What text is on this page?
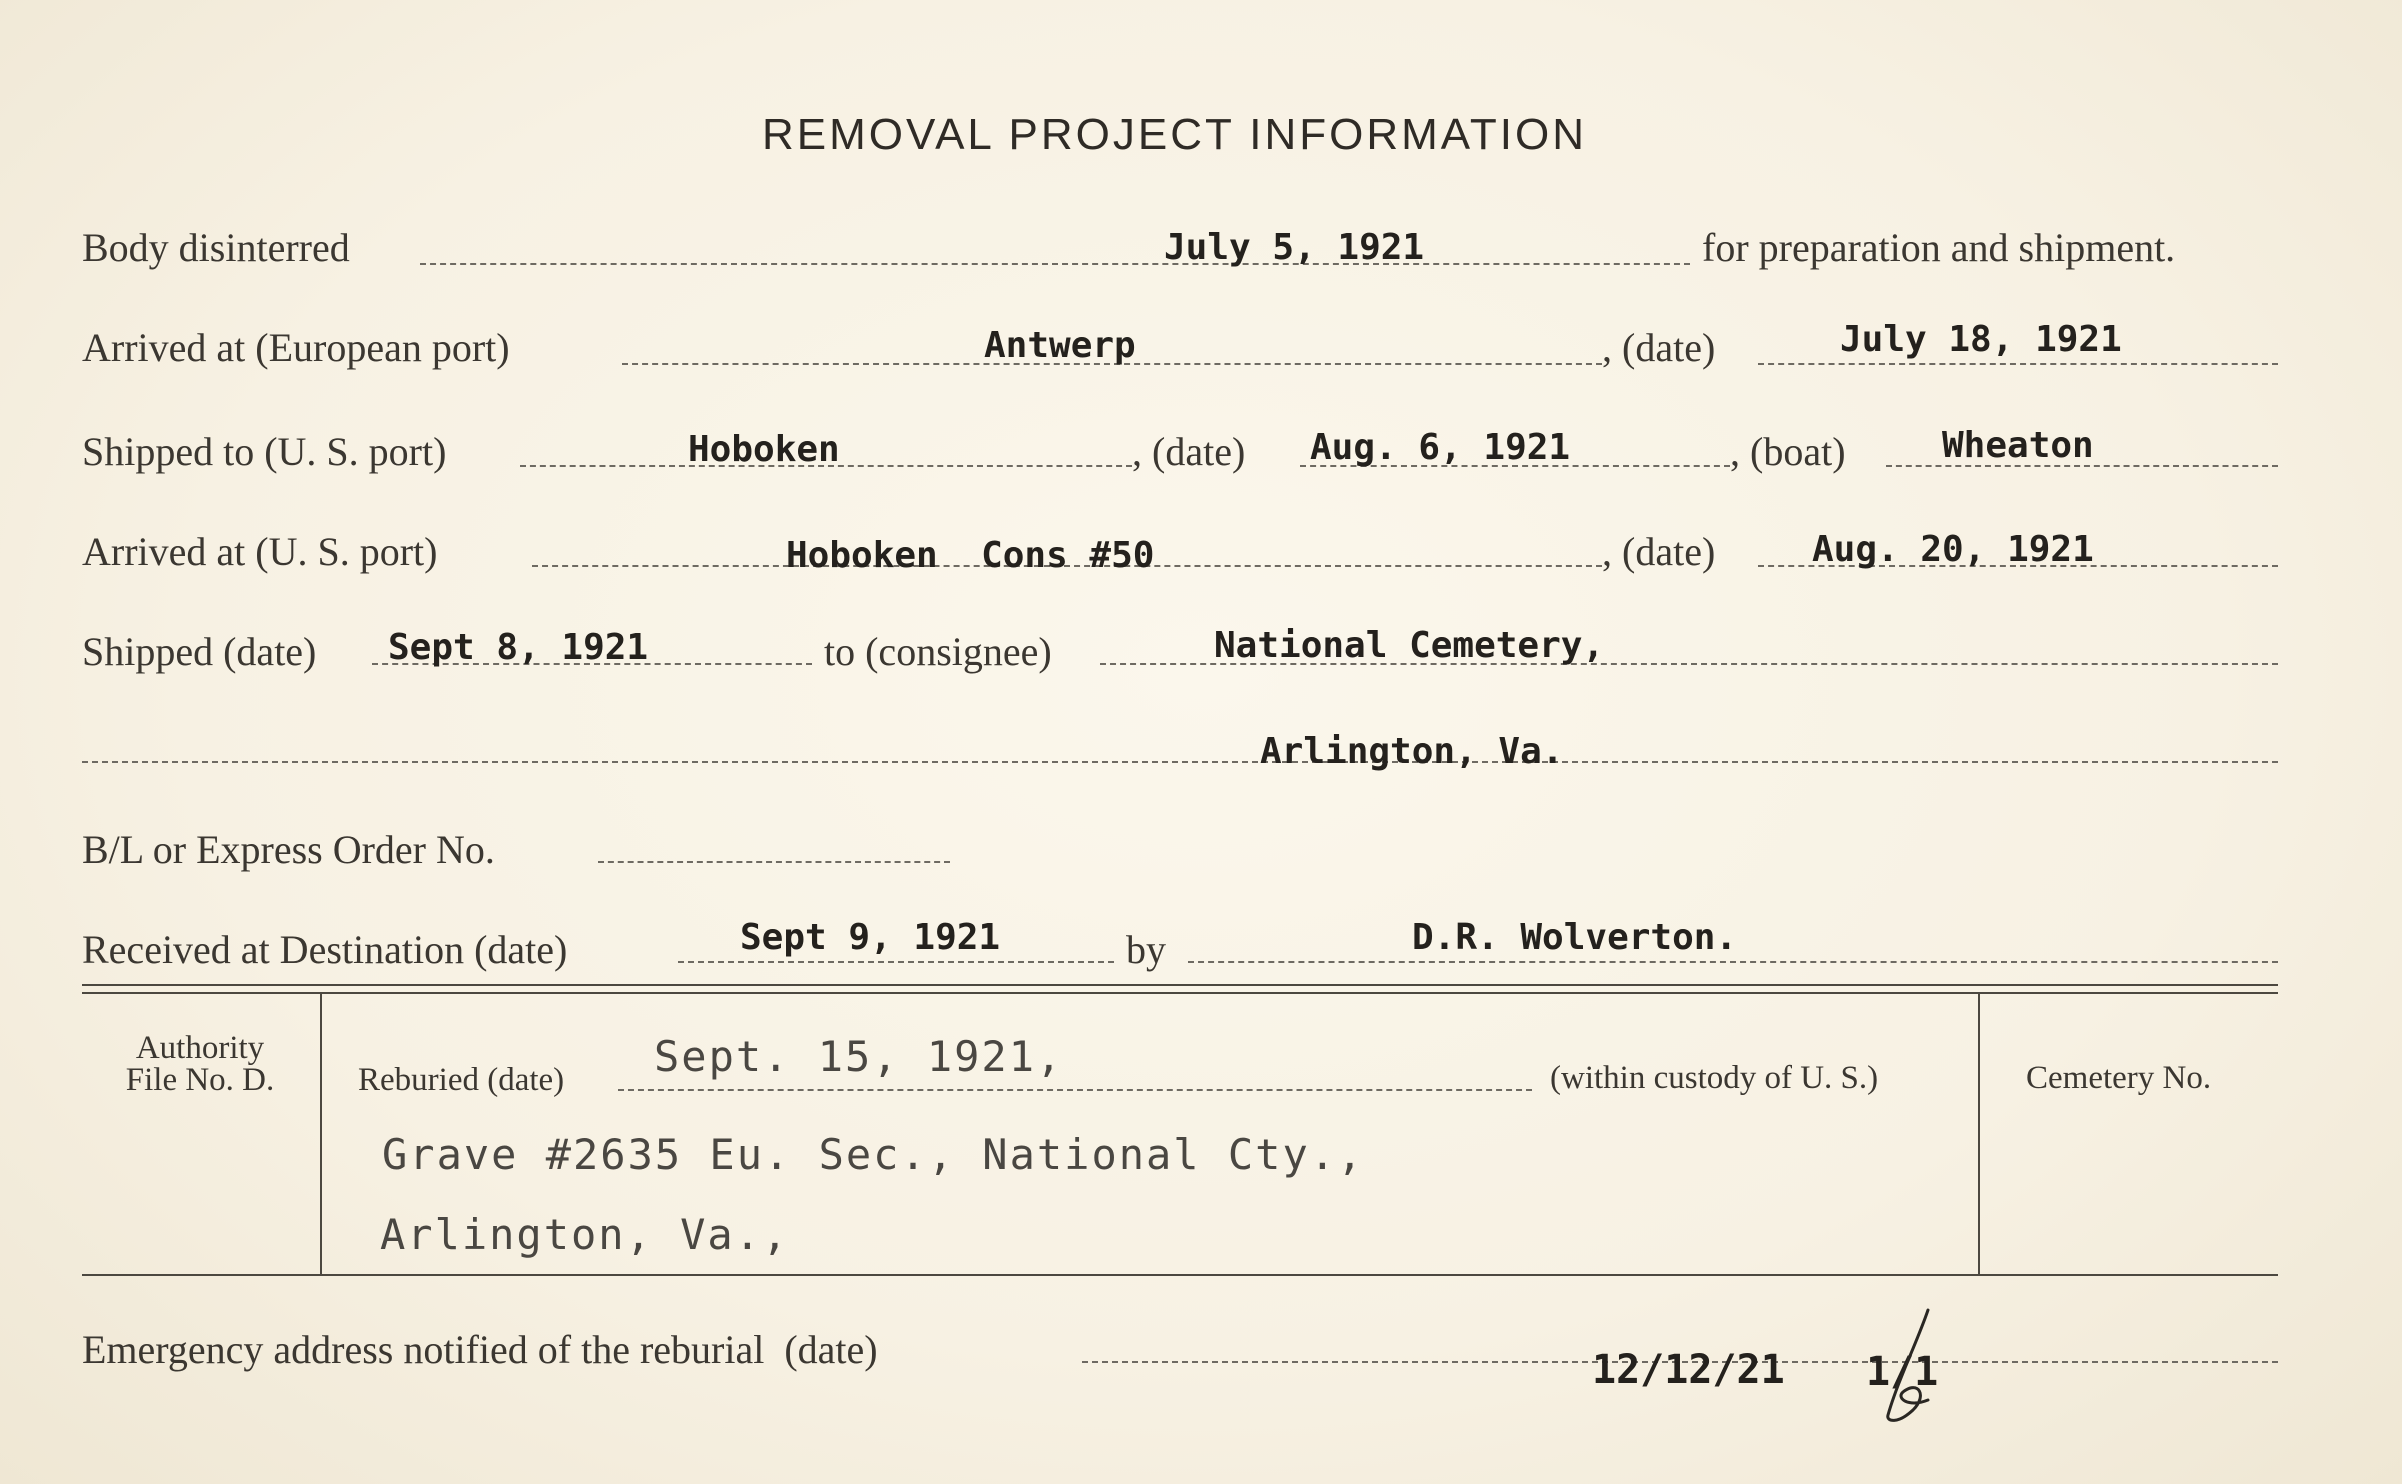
REMOVAL PROJECT INFORMATION
Body disinterred	July 5, 1921	for preparation and shipment.
Arrived at (European port)	Antwerp	, (date)	July 18, 1921
Shipped to (U. S. port)	Hoboken	, (date) Aug. 6, 1921	, (boat)	Wheaton
Arrived at (U. S. port)	Hoboken  Cons #50	, (date)	Aug. 20, 1921
Shipped (date) Sept 8, 1921	to (consignee)	National Cemetery,
Arlington, Va.
B/L or Express Order No.
Received at Destination (date)	Sept 9, 1921	by	D.R. Wolverton.
Authority
File No. D.	Reburied (date) Sept. 15, 1921,	(within custody of U. S.)
Grave #2635 Eu. Sec., National Cty.,
Arlington, Va.,
Cemetery No.
Emergency address notified of the reburial  (date)	12/12/21 1/1
